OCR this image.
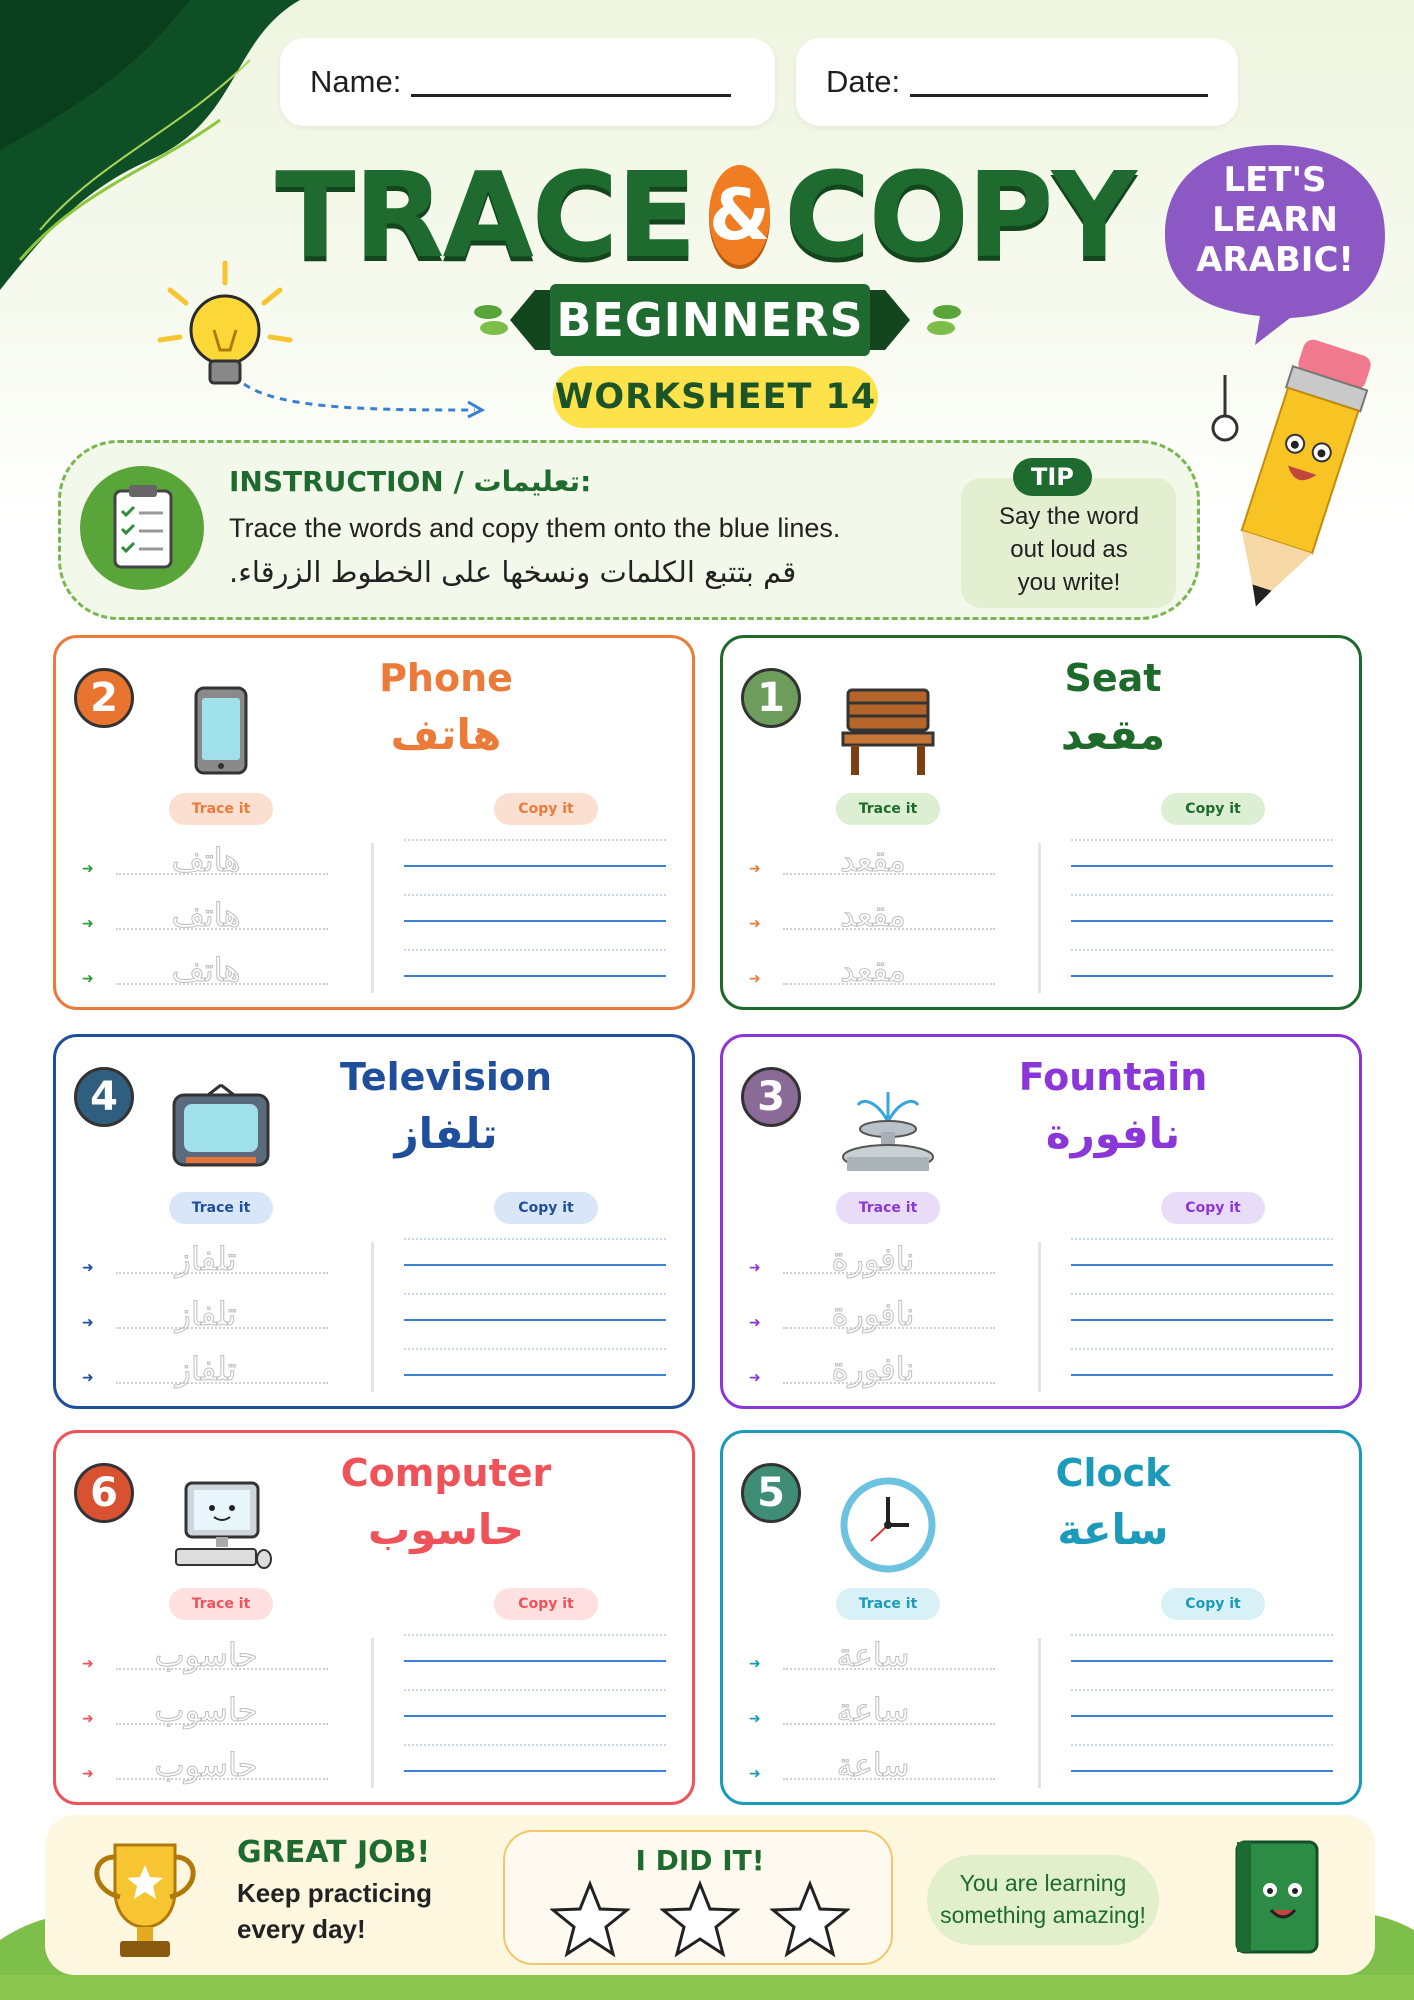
Name:	Date:
TRACE & COPY
BEGINNERS
WORKSHEET 14
LET'S
LEARN
ARABIC!
INSTRUCTION / تعليمات:
Trace the words and copy them onto the blue lines.
قم بتتبع الكلمات ونسخها على الخطوط الزرقاء.
TIP
Say the word
out loud as
you write!
2	Phone
هاتف
Trace it	Copy it
➜	هاتف
➜	هاتف
➜	هاتف
1	Seat
مقعد
Trace it	Copy it
➜	مقعد
➜	مقعد
➜	مقعد
4	Television
تلفاز
Trace it	Copy it
➜	تلفاز
➜	تلفاز
➜	تلفاز
3	Fountain
نافورة
Trace it	Copy it
➜	نافورة
➜	نافورة
➜	نافورة
6	Computer
حاسوب
Trace it	Copy it
➜	حاسوب
➜	حاسوب
➜	حاسوب
5	Clock
ساعة
Trace it	Copy it
➜	ساعة
➜	ساعة
➜	ساعة
GREAT JOB!
Keep practicing
every day!
I DID IT!
You are learning
something amazing!
